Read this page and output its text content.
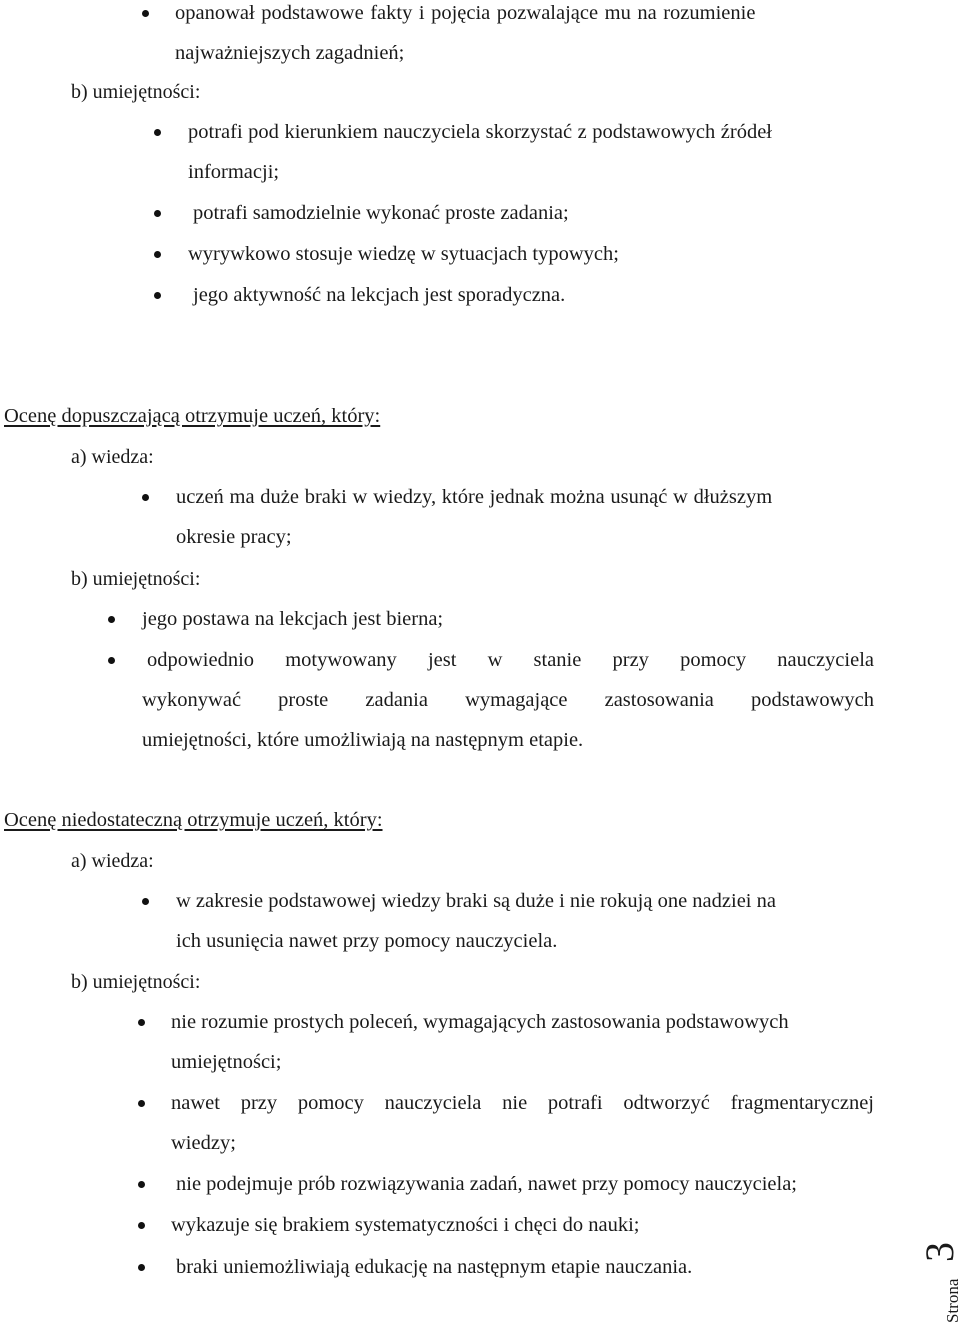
opanował podstawowe fakty i pojęcia pozwalające mu na rozumienie
najważniejszych zagadnień;
b) umiejętności:
potrafi pod kierunkiem nauczyciela skorzystać z podstawowych źródeł
informacji;
potrafi samodzielnie wykonać proste zadania;
wyrywkowo stosuje wiedzę w sytuacjach typowych;
jego aktywność na lekcjach jest sporadyczna.
Ocenę dopuszczającą otrzymuje uczeń, który:
a) wiedza:
uczeń ma duże braki w wiedzy, które jednak można usunąć w dłuższym
okresie pracy;
b) umiejętności:
jego postawa na lekcjach jest bierna;
odpowiednio motywowany jest w stanie przy pomocy nauczyciela
wykonywać proste zadania wymagające zastosowania podstawowych
umiejętności, które umożliwiają na następnym etapie.
Ocenę niedostateczną otrzymuje uczeń, który:
a) wiedza:
w zakresie podstawowej wiedzy braki są duże i nie rokują one nadziei na
ich usunięcia nawet przy pomocy nauczyciela.
b) umiejętności:
nie rozumie prostych poleceń, wymagających zastosowania podstawowych
umiejętności;
nawet przy pomocy nauczyciela nie potrafi odtworzyć fragmentarycznej
wiedzy;
nie podejmuje prób rozwiązywania zadań, nawet przy pomocy nauczyciela;
wykazuje się brakiem systematyczności i chęci do nauki;
braki uniemożliwiają edukację na następnym etapie nauczania.
Strona
3
